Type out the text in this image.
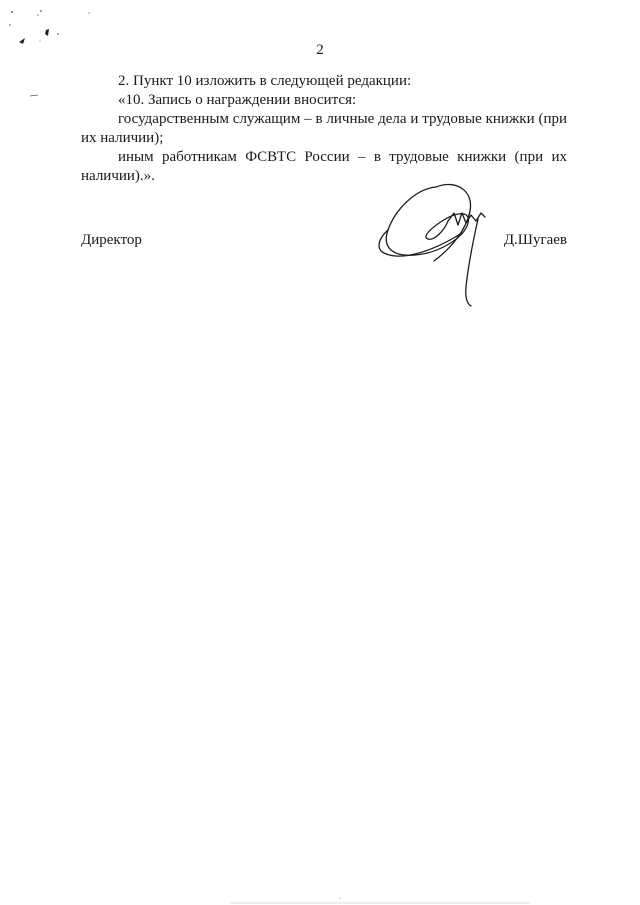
2

2. Пункт 10 изложить в следующей редакции:

«10. Запись о награждении вносится:

государственным служащим – в личные дела и трудовые книжки (при их наличии);

иным работникам ФСВТС России – в трудовые книжки (при их наличии).».

Директор	Д.Шугаев
